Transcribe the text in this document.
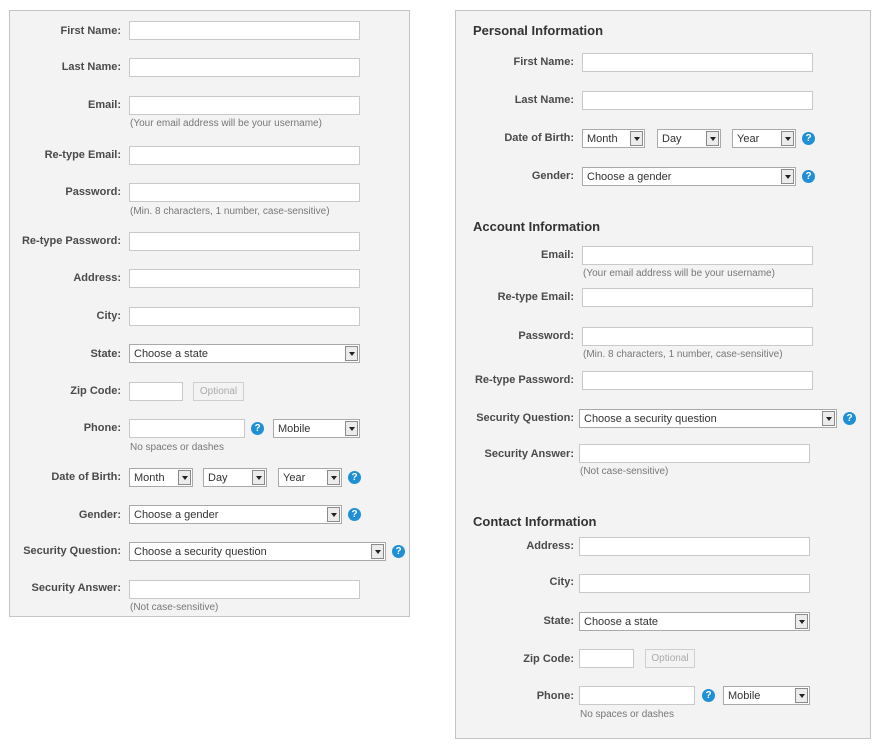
First Name:
Last Name:
Email:
(Your email address will be your username)
Re-type Email:
Password:
(Min. 8 characters, 1 number, case-sensitive)
Re-type Password:
Address:
City:
State: Choose a state
Zip Code:	Optional
Phone:	?	Mobile
No spaces or dashes
Date of Birth: Month	Day	Year	?
Gender: Choose a gender	?
Security Question: Choose a security question	?
Security Answer:
(Not case-sensitive)
Personal Information
First Name:
Last Name:
Date of Birth: Month	Day	Year	?
Gender: Choose a gender	?
Account Information
Email:
(Your email address will be your username)
Re-type Email:
Password:
(Min. 8 characters, 1 number, case-sensitive)
Re-type Password:
Security Question: Choose a security question	?
Security Answer:
(Not case-sensitive)
Contact Information
Address:
City:
State: Choose a state
Zip Code:	Optional
Phone:	?	Mobile
No spaces or dashes
